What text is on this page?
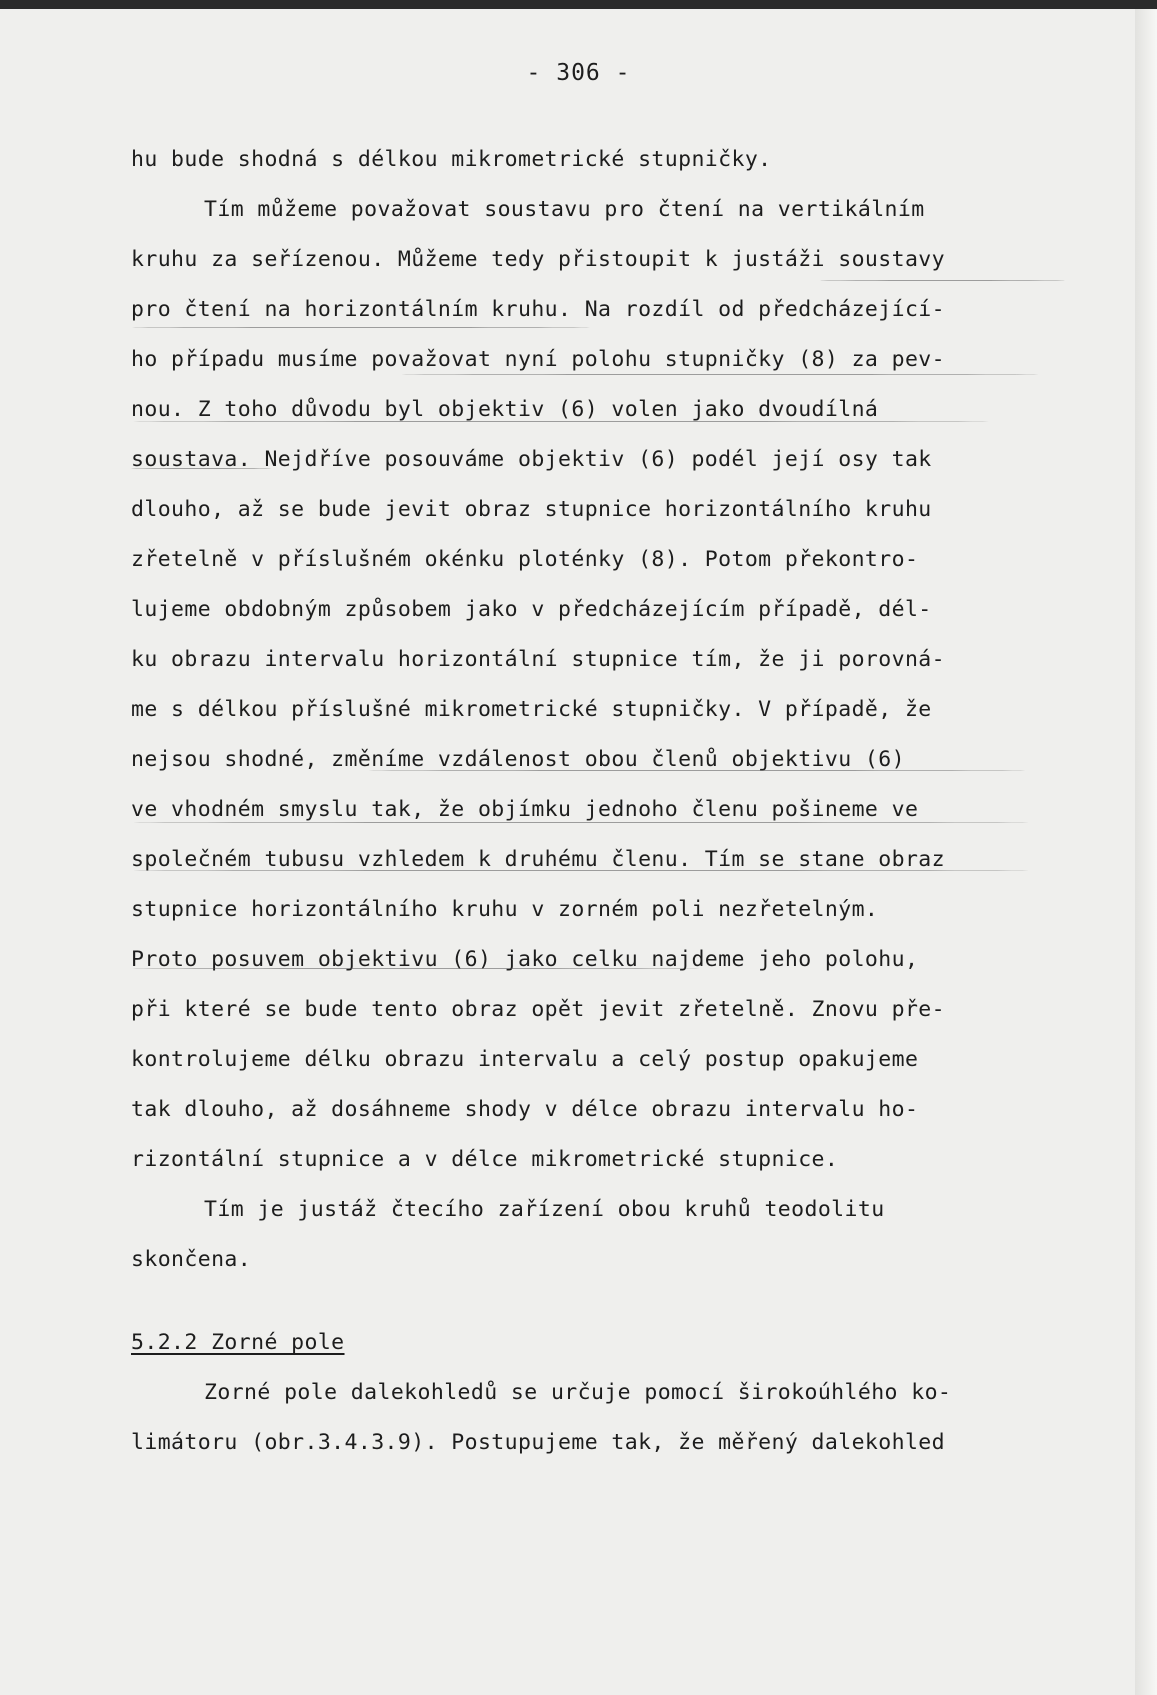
- 306 -
hu bude shodná s délkou mikrometrické stupničky.
Tím můžeme považovat soustavu pro čtení na vertikálním
kruhu za seřízenou. Můžeme tedy přistoupit k justáži soustavy
pro čtení na horizontálním kruhu. Na rozdíl od předcházející-
ho případu musíme považovat nyní polohu stupničky (8) za pev-
nou. Z toho důvodu byl objektiv (6) volen jako dvoudílná
soustava. Nejdříve posouváme objektiv (6) podél její osy tak
dlouho, až se bude jevit obraz stupnice horizontálního kruhu
zřetelně v příslušném okénku ploténky (8). Potom překontro-
lujeme obdobným způsobem jako v předcházejícím případě, dél-
ku obrazu intervalu horizontální stupnice tím, že ji porovná-
me s délkou příslušné mikrometrické stupničky. V případě, že
nejsou shodné, změníme vzdálenost obou členů objektivu (6)
ve vhodném smyslu tak, že objímku jednoho členu pošineme ve
společném tubusu vzhledem k druhému členu. Tím se stane obraz
stupnice horizontálního kruhu v zorném poli nezřetelným.
Proto posuvem objektivu (6) jako celku najdeme jeho polohu,
při které se bude tento obraz opět jevit zřetelně. Znovu pře-
kontrolujeme délku obrazu intervalu a celý postup opakujeme
tak dlouho, až dosáhneme shody v délce obrazu intervalu ho-
rizontální stupnice a v délce mikrometrické stupnice.
Tím je justáž čtecího zařízení obou kruhů teodolitu
skončena.
5.2.2 Zorné pole
Zorné pole dalekohledů se určuje pomocí širokoúhlého ko-
limátoru (obr.3.4.3.9). Postupujeme tak, že měřený dalekohled
